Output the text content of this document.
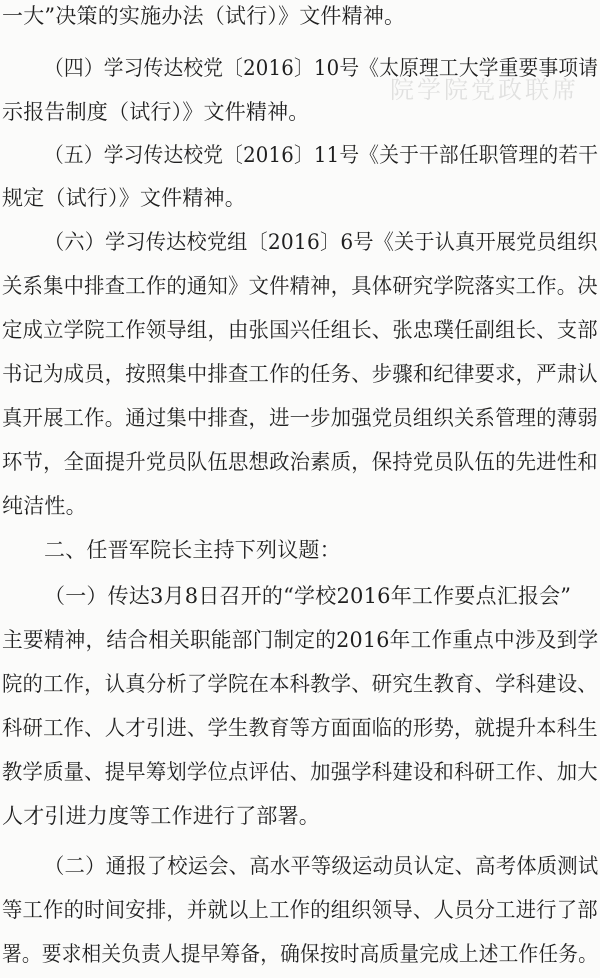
院学院党政联席
一大”决策的实施办法（试行）》文件精神。
（四）学习传达校党〔2016〕10号《太原理工大学重要事项请
示报告制度（试行）》文件精神。
（五）学习传达校党〔2016〕11号《关于干部任职管理的若干
规定（试行）》文件精神。
（六）学习传达校党组〔2016〕6号《关于认真开展党员组织
关系集中排查工作的通知》文件精神，具体研究学院落实工作。决
定成立学院工作领导组，由张国兴任组长、张忠璞任副组长、支部
书记为成员，按照集中排查工作的任务、步骤和纪律要求，严肃认
真开展工作。通过集中排查，进一步加强党员组织关系管理的薄弱
环节，全面提升党员队伍思想政治素质，保持党员队伍的先进性和
纯洁性。
二、任晋军院长主持下列议题：
（一）传达3月8日召开的“学校2016年工作要点汇报会”
主要精神，结合相关职能部门制定的2016年工作重点中涉及到学
院的工作，认真分析了学院在本科教学、研究生教育、学科建设、
科研工作、人才引进、学生教育等方面面临的形势，就提升本科生
教学质量、提早筹划学位点评估、加强学科建设和科研工作、加大
人才引进力度等工作进行了部署。
（二）通报了校运会、高水平等级运动员认定、高考体质测试
等工作的时间安排，并就以上工作的组织领导、人员分工进行了部
署。要求相关负责人提早筹备，确保按时高质量完成上述工作任务。
